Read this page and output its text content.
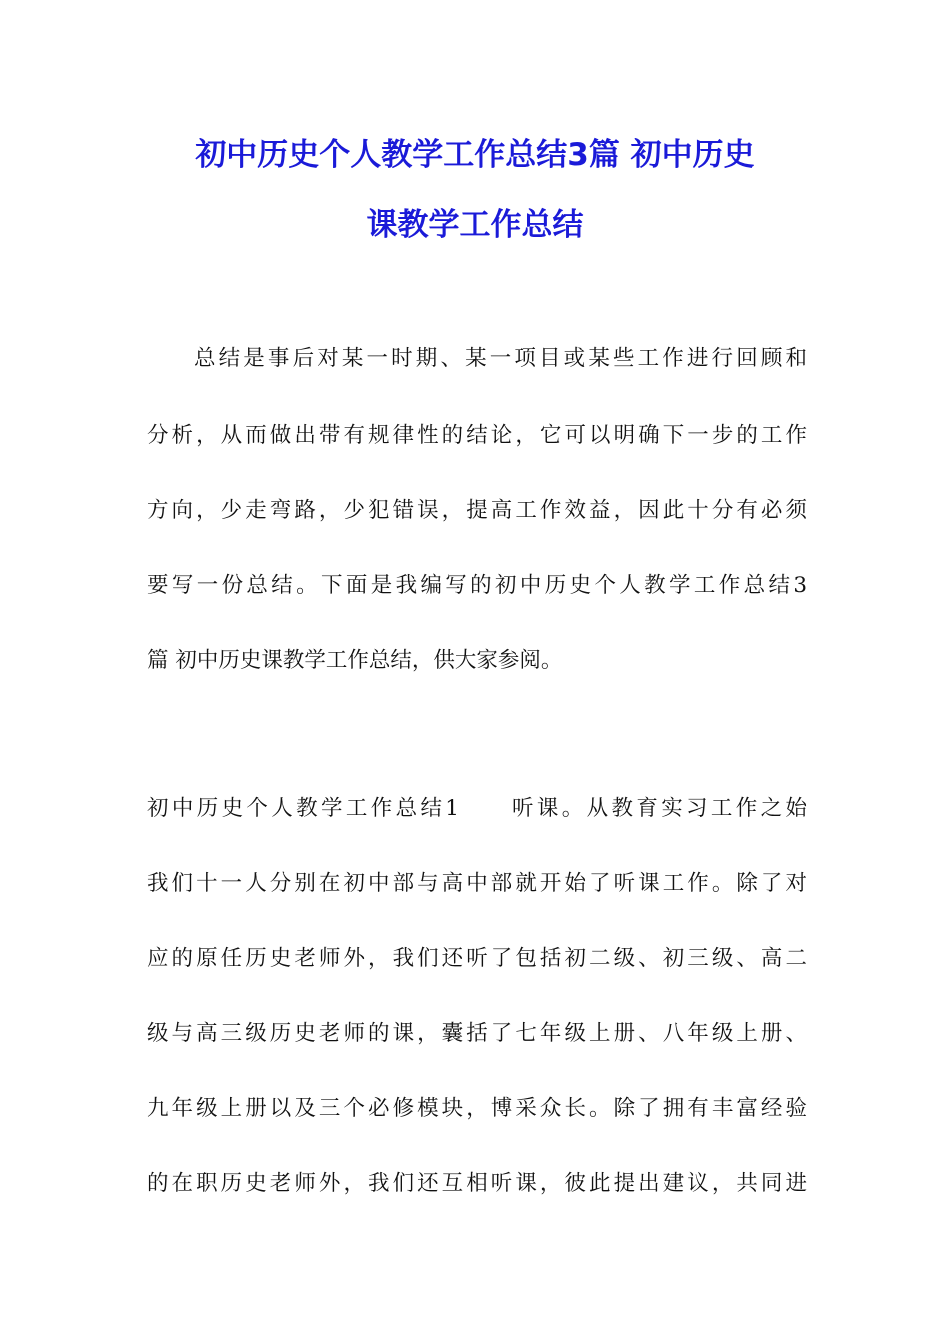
初中历史个人教学工作总结3篇 初中历史
课教学工作总结
总结是事后对某一时期、某一项目或某些工作进行回顾和
分析，从而做出带有规律性的结论，它可以明确下一步的工作
方向，少走弯路，少犯错误，提高工作效益，因此十分有必须
要写一份总结。下面是我编写的初中历史个人教学工作总结3
篇 初中历史课教学工作总结，供大家参阅。
初中历史个人教学工作总结1　　听课。从教育实习工作之始
我们十一人分别在初中部与高中部就开始了听课工作。除了对
应的原任历史老师外，我们还听了包括初二级、初三级、高二
级与高三级历史老师的课，囊括了七年级上册、八年级上册、
九年级上册以及三个必修模块，博采众长。除了拥有丰富经验
的在职历史老师外，我们还互相听课，彼此提出建议，共同进
